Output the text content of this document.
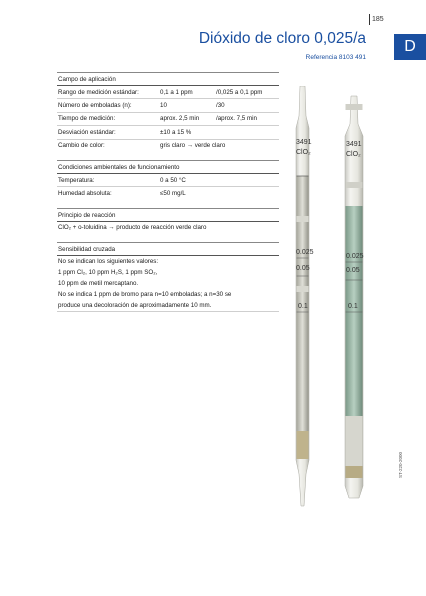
185
Dióxido de cloro 0,025/a
Referencia 8103 491
D
Campo de aplicación
Rango de medición estándar:	0,1 a 1 ppm	/0,025 a 0,1 ppm
Número de emboladas (n):	10	/30
Tiempo de medición:	aprox. 2,5 min	/aprox. 7,5 min
Desviación estándar:	±10 a 15 %
Cambio de color:	gris claro → verde claro
Condiciones ambientales de funcionamiento
Temperatura:	0 a 50 °C
Humedad absoluta:	≤50 mg/L
Principio de reacción
ClO₂ + o-toluidina → producto de reacción verde claro
Sensibilidad cruzada
No se indican los siguientes valores:
1 ppm Cl₂, 10 ppm H₂S, 1 ppm SO₂,
10 ppm de metil mercaptano.
No se indica 1 ppm de bromo para n=10 emboladas; a n=30 se
produce una decoloración de aproximadamente 10 mm.
3491
ClO₂
0.1
0.05
0.025
3491
ClO₂
0.1
0.05
0.025
ST-220-2000
